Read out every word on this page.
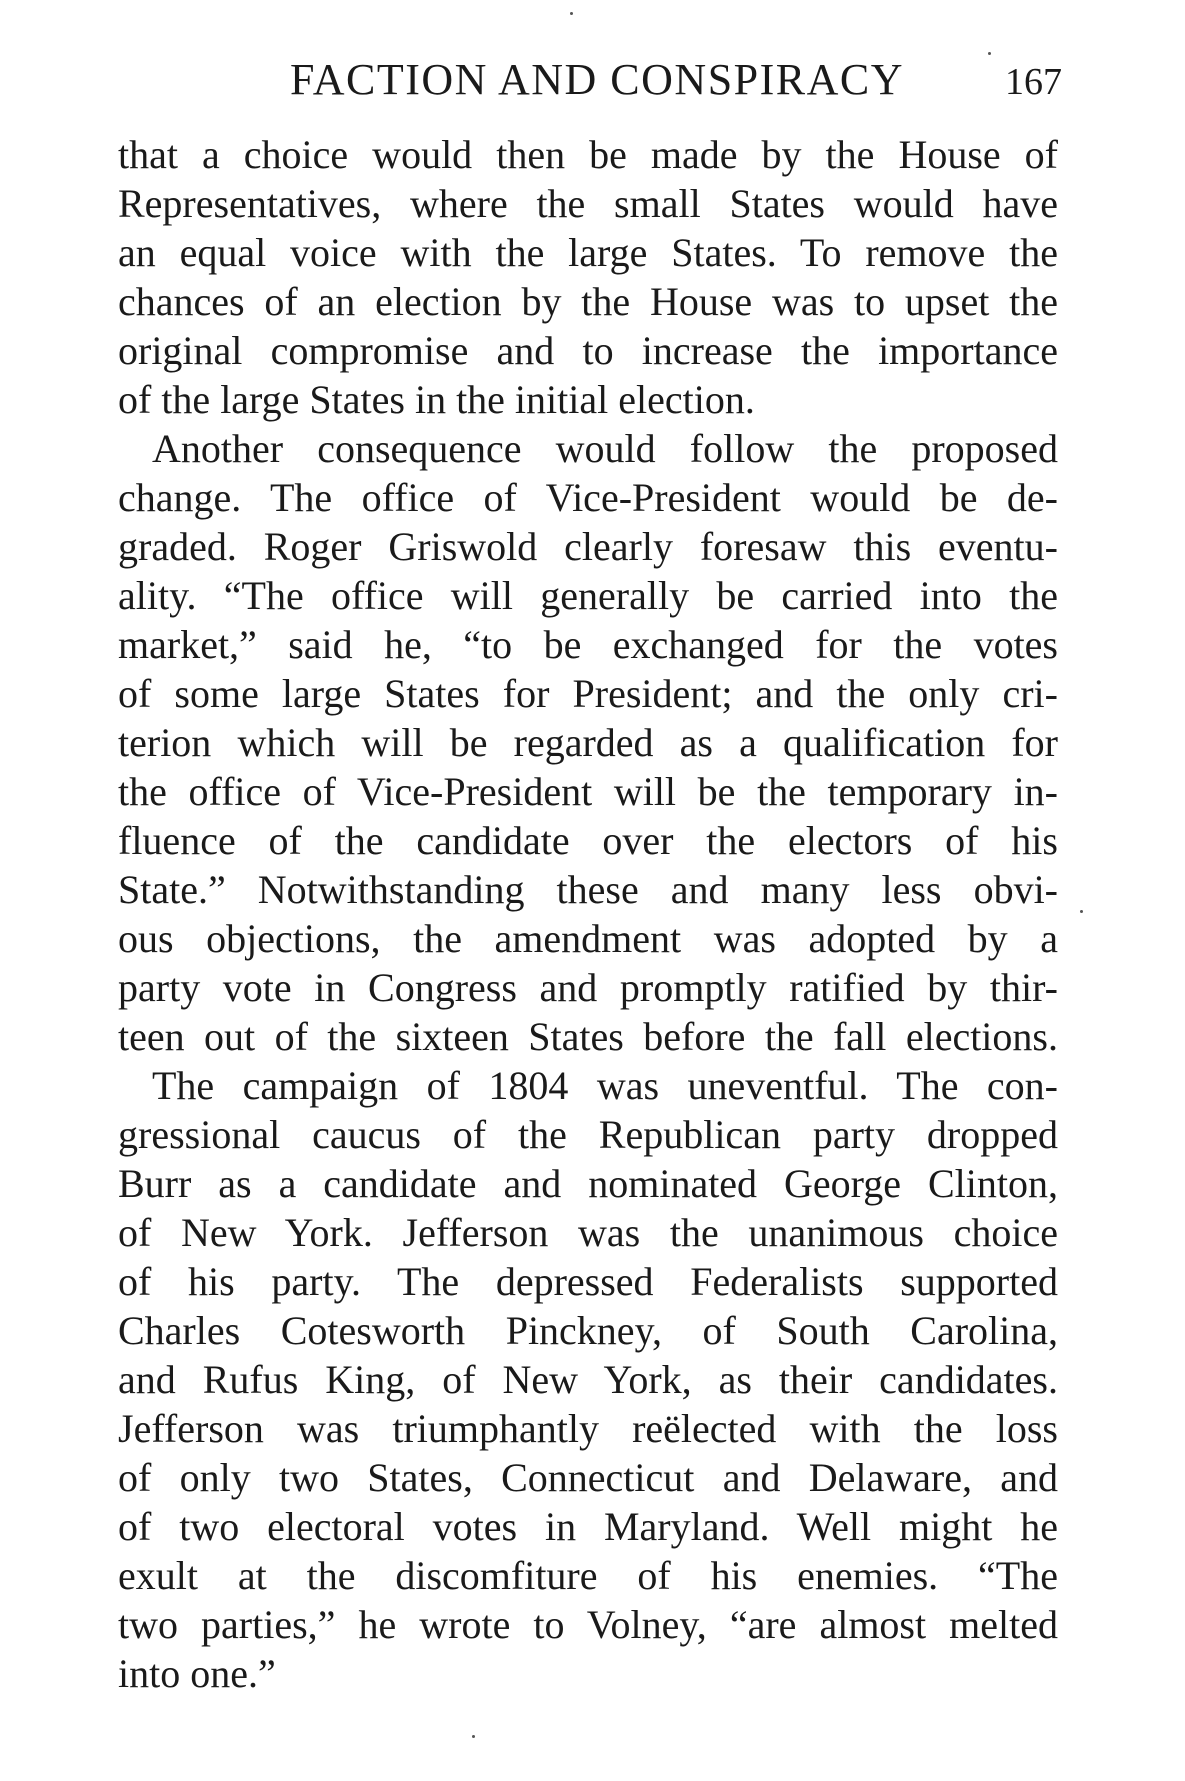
FACTION AND CONSPIRACY	167
that a choice would then be made by the House of
Representatives, where the small States would have
an equal voice with the large States. To remove the
chances of an election by the House was to upset the
original compromise and to increase the importance
of the large States in the initial election.
Another consequence would follow the proposed
change. The office of Vice-President would be de-
graded. Roger Griswold clearly foresaw this eventu-
ality. “The office will generally be carried into the
market,” said he, “to be exchanged for the votes
of some large States for President; and the only cri-
terion which will be regarded as a qualification for
the office of Vice-President will be the temporary in-
fluence of the candidate over the electors of his
State.” Notwithstanding these and many less obvi-
ous objections, the amendment was adopted by a
party vote in Congress and promptly ratified by thir-
teen out of the sixteen States before the fall elections.
The campaign of 1804 was uneventful. The con-
gressional caucus of the Republican party dropped
Burr as a candidate and nominated George Clinton,
of New York. Jefferson was the unanimous choice
of his party. The depressed Federalists supported
Charles Cotesworth Pinckney, of South Carolina,
and Rufus King, of New York, as their candidates.
Jefferson was triumphantly reëlected with the loss
of only two States, Connecticut and Delaware, and
of two electoral votes in Maryland. Well might he
exult at the discomfiture of his enemies. “The
two parties,” he wrote to Volney, “are almost melted
into one.”
